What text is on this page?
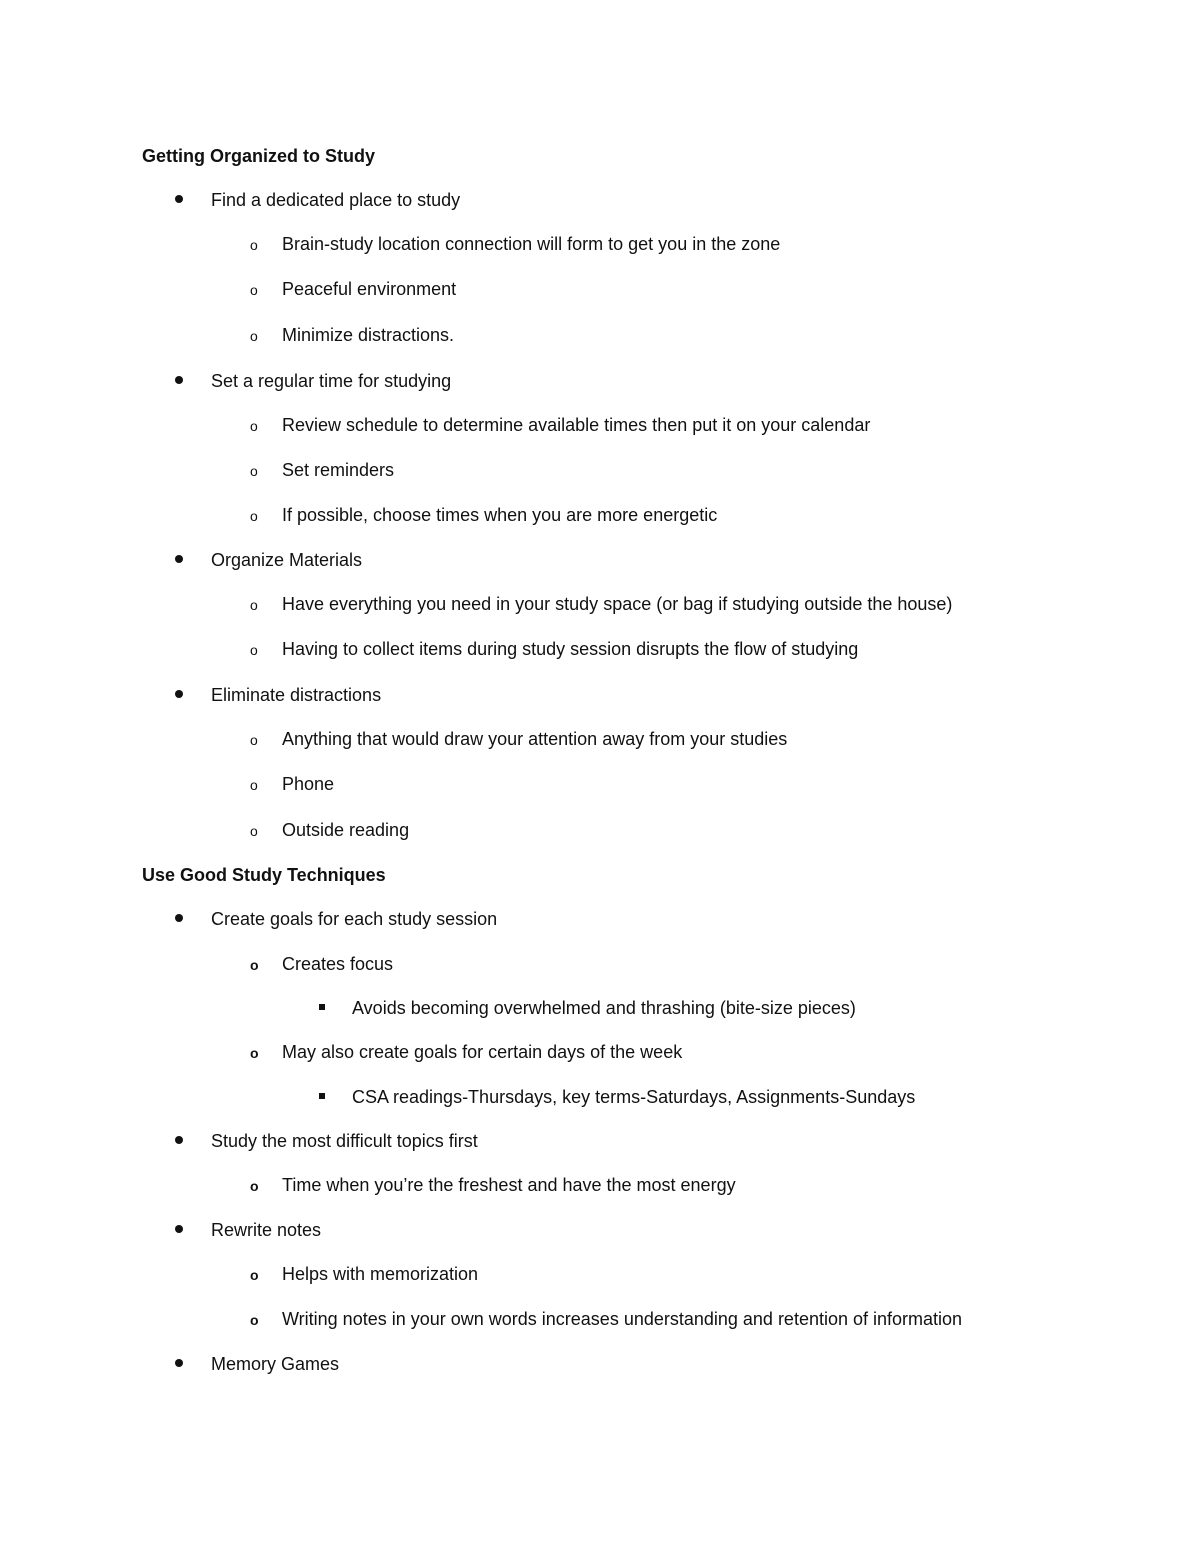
Getting Organized to Study
Find a dedicated place to study
o Brain-study location connection will form to get you in the zone
o Peaceful environment
o Minimize distractions.
Set a regular time for studying
o Review schedule to determine available times then put it on your calendar
o Set reminders
o If possible, choose times when you are more energetic
Organize Materials
o Have everything you need in your study space (or bag if studying outside the house)
o Having to collect items during study session disrupts the flow of studying
Eliminate distractions
o Anything that would draw your attention away from your studies
o Phone
o Outside reading
Use Good Study Techniques
Create goals for each study session
o Creates focus
Avoids becoming overwhelmed and thrashing (bite-size pieces)
o May also create goals for certain days of the week
CSA readings-Thursdays, key terms-Saturdays, Assignments-Sundays
Study the most difficult topics first
o Time when you’re the freshest and have the most energy
Rewrite notes
o Helps with memorization
o Writing notes in your own words increases understanding and retention of information
Memory Games
